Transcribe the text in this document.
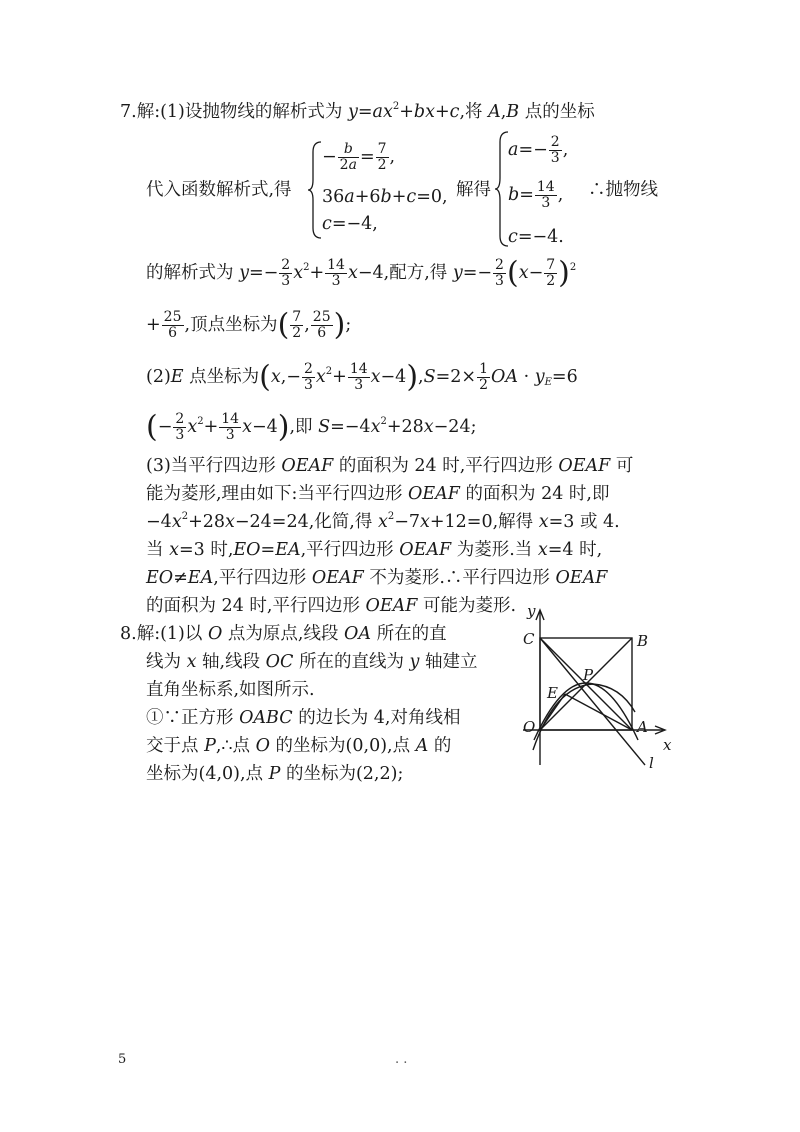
7.解:(1)设抛物线的解析式为 $y=ax^2+bx+c$,将 A,B 点的坐标
代入函数解析式,得
− $\frac{b}{2a} = \frac{7}{2}$ ,
36a+6b+c=0,
c=−4,
解得
$a=- \frac{2}{3}$ ,
$b= \frac{14}{3}$ ,
c=−4.
∴抛物线
的解析式为 $y=- \frac{2}{3} x^2+ \frac{14}{3} x-4$,配方,得 $y=- \frac{2}{3} (x- \frac{7}{2} )^2$
+ $\frac{25}{6}$ ,顶点坐标为( $\frac{7}{2}$ , $\frac{25}{6}$ );
(2)E 点坐标为$(x,- \frac{2}{3} x^2+ \frac{14}{3} x-4),S=2\times \frac{1}{2}$ OA · $y_E=6$
(− $\frac{2}{3} x^2+ \frac{14}{3} x-4$),即 $S=-4x^2+28x-24$;
(3)当平行四边形 OEAF 的面积为 24 时,平行四边形 OEAF 可
能为菱形,理由如下:当平行四边形 OEAF 的面积为 24 时,即
$-4x^2+28x-24=24$,化简,得 $x^2-7x+12=0$,解得 x=3 或 4.
当 x=3 时,EO=EA,平行四边形 OEAF 为菱形.当 x=4 时,
EO≠EA,平行四边形 OEAF 不为菱形.∴平行四边形 OEAF
的面积为 24 时,平行四边形 OEAF 可能为菱形.
8.解:(1)以 O 点为原点,线段 OA 所在的直
线为 x 轴,线段 OC 所在的直线为 y 轴建立
直角坐标系,如图所示.
①∵正方形 OABC 的边长为 4,对角线相
交于点 P,∴点 O 的坐标为(0,0),点 A 的
坐标为(4,0),点 P 的坐标为(2,2);
y
x
C	B
P
E
O	A
l
5	. .
